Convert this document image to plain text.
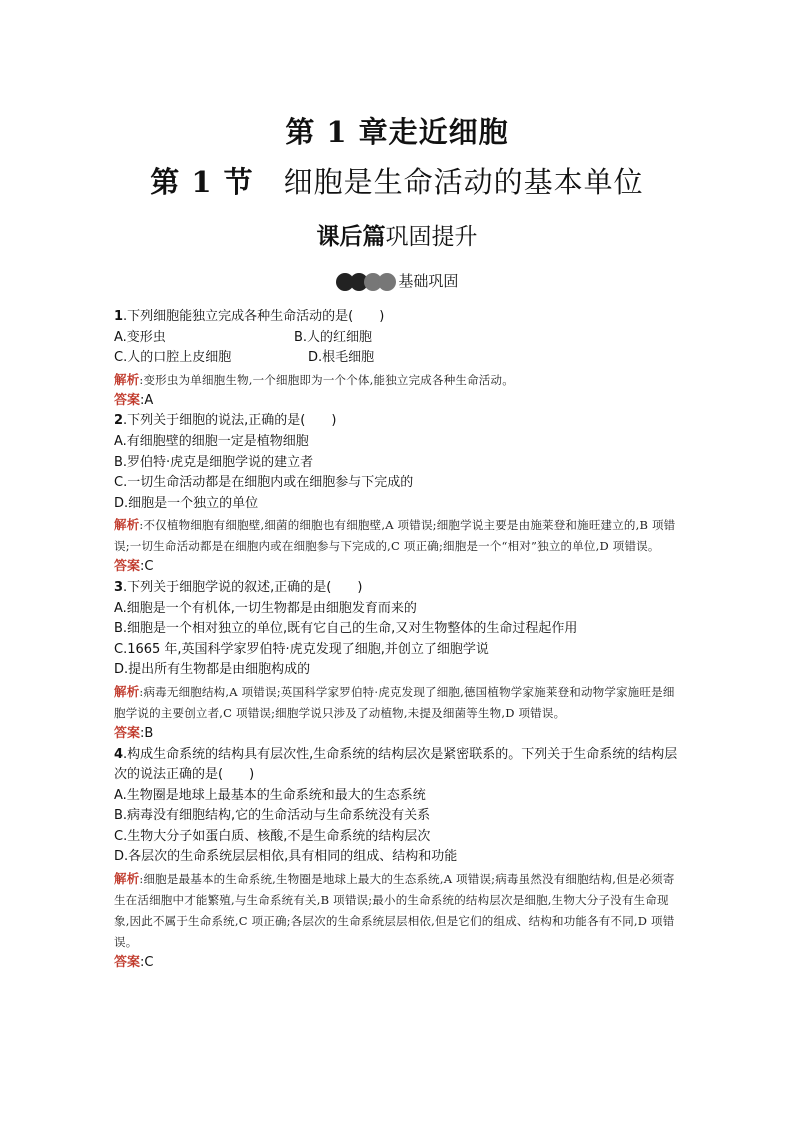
第 1 章走近细胞
第 1 节 细胞是生命活动的基本单位
课后篇巩固提升
基础巩固
1.下列细胞能独立完成各种生命活动的是(　　)
A.变形虫	B.人的红细胞
C.人的口腔上皮细胞	D.根毛细胞
解析:变形虫为单细胞生物,一个细胞即为一个个体,能独立完成各种生命活动。
答案:A
2.下列关于细胞的说法,正确的是(　　)
A.有细胞壁的细胞一定是植物细胞
B.罗伯特·虎克是细胞学说的建立者
C.一切生命活动都是在细胞内或在细胞参与下完成的
D.细胞是一个独立的单位
解析:不仅植物细胞有细胞壁,细菌的细胞也有细胞壁,A 项错误;细胞学说主要是由施莱登和施旺建立的,B 项错误;一切生命活动都是在细胞内或在细胞参与下完成的,C 项正确;细胞是一个“相对”独立的单位,D 项错误。
答案:C
3.下列关于细胞学说的叙述,正确的是(　　)
A.细胞是一个有机体,一切生物都是由细胞发育而来的
B.细胞是一个相对独立的单位,既有它自己的生命,又对生物整体的生命过程起作用
C.1665 年,英国科学家罗伯特·虎克发现了细胞,并创立了细胞学说
D.提出所有生物都是由细胞构成的
解析:病毒无细胞结构,A 项错误;英国科学家罗伯特·虎克发现了细胞,德国植物学家施莱登和动物学家施旺是细胞学说的主要创立者,C 项错误;细胞学说只涉及了动植物,未提及细菌等生物,D 项错误。
答案:B
4.构成生命系统的结构具有层次性,生命系统的结构层次是紧密联系的。下列关于生命系统的结构层次的说法正确的是(　　)
A.生物圈是地球上最基本的生命系统和最大的生态系统
B.病毒没有细胞结构,它的生命活动与生命系统没有关系
C.生物大分子如蛋白质、核酸,不是生命系统的结构层次
D.各层次的生命系统层层相依,具有相同的组成、结构和功能
解析:细胞是最基本的生命系统,生物圈是地球上最大的生态系统,A 项错误;病毒虽然没有细胞结构,但是必须寄生在活细胞中才能繁殖,与生命系统有关,B 项错误;最小的生命系统的结构层次是细胞,生物大分子没有生命现象,因此不属于生命系统,C 项正确;各层次的生命系统层层相依,但是它们的组成、结构和功能各有不同,D 项错误。
答案:C
